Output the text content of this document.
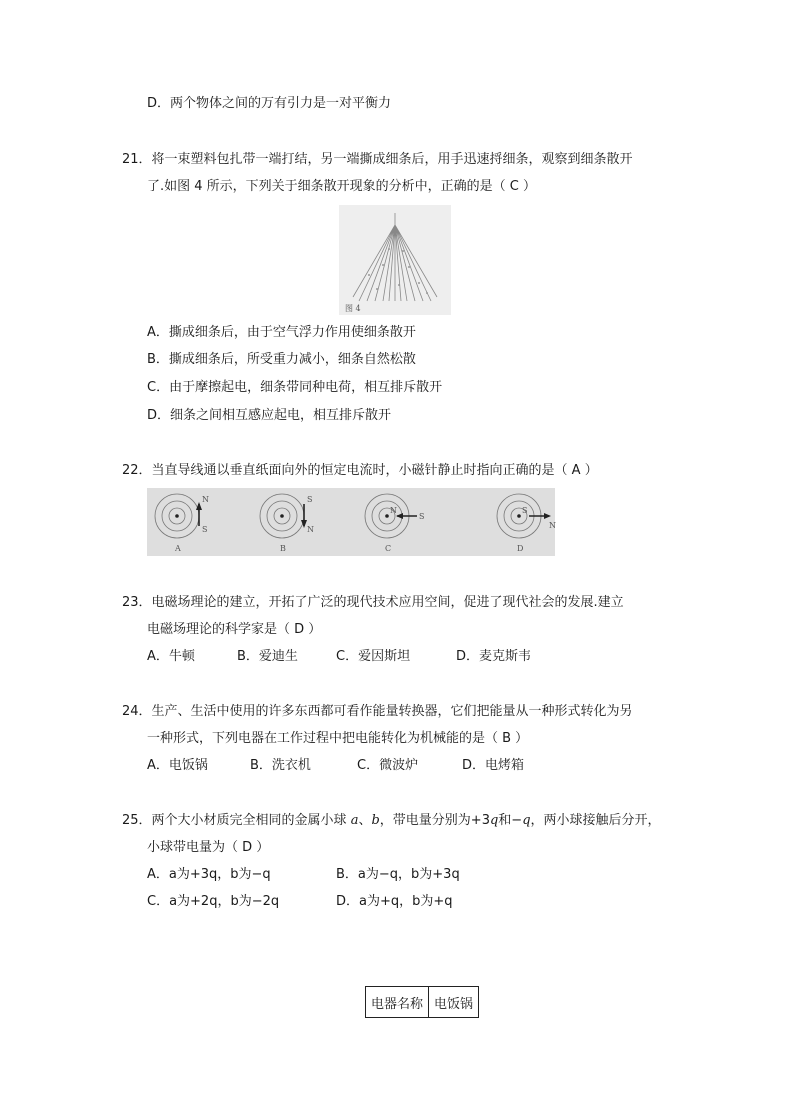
D．两个物体之间的万有引力是一对平衡力
21．将一束塑料包扎带一端打结，另一端撕成细条后，用手迅速捋细条，观察到细条散开
了.如图 4 所示，下列关于细条散开现象的分析中，正确的是（ C ）
图 4
A．撕成细条后，由于空气浮力作用使细条散开
B．撕成细条后，所受重力减小，细条自然松散
C．由于摩擦起电，细条带同种电荷，相互排斥散开
D．细条之间相互感应起电，相互排斥散开
22．当直导线通以垂直纸面向外的恒定电流时，小磁针静止时指向正确的是（ A ）
N
S
S
N
N
S
S
N
A	B	C	D
23．电磁场理论的建立，开拓了广泛的现代技术应用空间，促进了现代社会的发展.建立
电磁场理论的科学家是（ D ）
A．牛顿	B．爱迪生	C．爱因斯坦	D．麦克斯韦
24．生产、生活中使用的许多东西都可看作能量转换器，它们把能量从一种形式转化为另
一种形式，下列电器在工作过程中把电能转化为机械能的是（ B ）
A．电饭锅	B．洗衣机	C．微波炉	D．电烤箱
25．两个大小材质完全相同的金属小球 a、b，带电量分别为+3q和−q，两小球接触后分开，
小球带电量为（ D ）
A．a为+3q，b为−q	B．a为−q，b为+3q
C．a为+2q，b为−2q	D．a为+q，b为+q
电器名称	电饭锅
